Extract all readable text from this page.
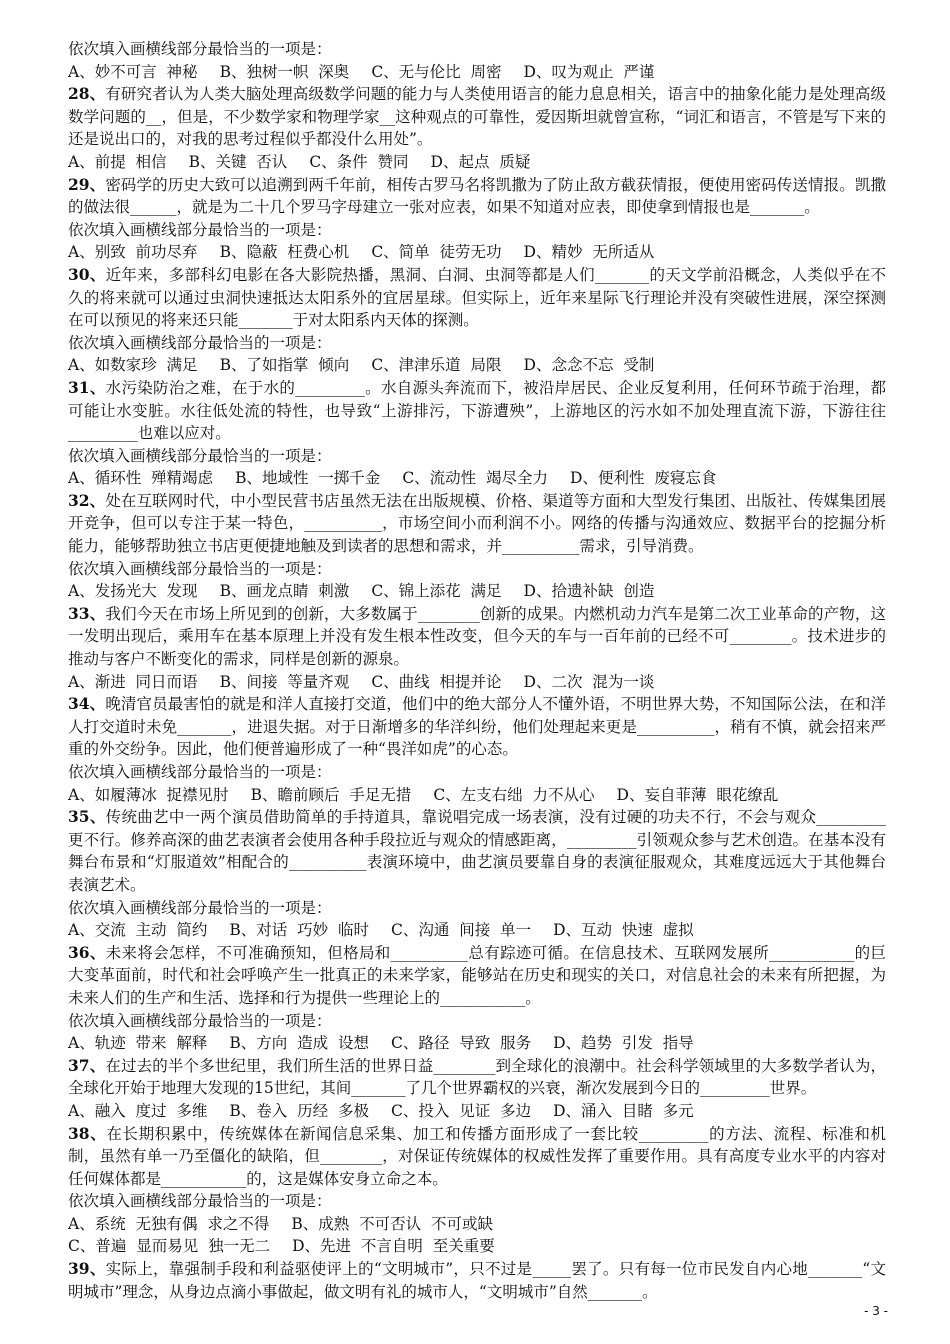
依次填入画横线部分最恰当的一项是：

A、妙不可言  神秘 B、独树一帜  深奥 C、无与伦比  周密 D、叹为观止  严谨

28、有研究者认为人类大脑处理高级数学问题的能力与人类使用语言的能力息息相关，语言中的抽象化能力是处理高级数学问题的__，但是，不少数学家和物理学家__这种观点的可靠性，爱因斯坦就曾宣称，“词汇和语言，不管是写下来的还是说出口的，对我的思考过程似乎都没什么用处”。

A、前提  相信 B、关键  否认 C、条件  赞同 D、起点  质疑

29、密码学的历史大致可以追溯到两千年前，相传古罗马名将凯撒为了防止敌方截获情报，便使用密码传送情报。凯撒的做法很______，就是为二十几个罗马字母建立一张对应表，如果不知道对应表，即使拿到情报也是_______。

依次填入画横线部分最恰当的一项是：

A、别致  前功尽弃 B、隐蔽  枉费心机 C、简单  徒劳无功 D、精妙  无所适从

30、近年来，多部科幻电影在各大影院热播，黑洞、白洞、虫洞等都是人们_______的天文学前沿概念，人类似乎在不久的将来就可以通过虫洞快速抵达太阳系外的宜居星球。但实际上，近年来星际飞行理论并没有突破性进展，深空探测在可以预见的将来还只能_______于对太阳系内天体的探测。

依次填入画横线部分最恰当的一项是：

A、如数家珍  满足 B、了如指掌  倾向 C、津津乐道  局限 D、念念不忘  受制

31、水污染防治之难，在于水的_________。水自源头奔流而下，被沿岸居民、企业反复利用，任何环节疏于治理，都可能让水变脏。水往低处流的特性，也导致“上游排污，下游遭殃”，上游地区的污水如不加处理直流下游，下游往往_________也难以应对。

依次填入画横线部分最恰当的一项是：

A、循环性  殚精竭虑 B、地域性  一掷千金 C、流动性  竭尽全力 D、便利性  废寝忘食

32、处在互联网时代，中小型民营书店虽然无法在出版规模、价格、渠道等方面和大型发行集团、出版社、传媒集团展开竞争，但可以专注于某一特色，__________，市场空间小而利润不小。网络的传播与沟通效应、数据平台的挖掘分析能力，能够帮助独立书店更便捷地触及到读者的思想和需求，并__________需求，引导消费。

依次填入画横线部分最恰当的一项是：

A、发扬光大  发现 B、画龙点睛  刺激 C、锦上添花  满足 D、拾遗补缺  创造

33、我们今天在市场上所见到的创新，大多数属于________创新的成果。内燃机动力汽车是第二次工业革命的产物，这一发明出现后，乘用车在基本原理上并没有发生根本性改变，但今天的车与一百年前的已经不可________。技术进步的推动与客户不断变化的需求，同样是创新的源泉。

A、渐进  同日而语 B、间接  等量齐观 C、曲线  相提并论 D、二次  混为一谈

34、晚清官员最害怕的就是和洋人直接打交道，他们中的绝大部分人不懂外语，不明世界大势，不知国际公法，在和洋人打交道时未免_______，进退失据。对于日渐增多的华洋纠纷，他们处理起来更是__________，稍有不慎，就会招来严重的外交纷争。因此，他们便普遍形成了一种“畏洋如虎”的心态。

依次填入画横线部分最恰当的一项是：

A、如履薄冰  捉襟见肘 B、瞻前顾后  手足无措 C、左支右绌  力不从心 D、妄自菲薄  眼花缭乱

35、传统曲艺中一两个演员借助简单的手持道具，靠说唱完成一场表演，没有过硬的功夫不行，不会与观众_________更不行。修养高深的曲艺表演者会使用各种手段拉近与观众的情感距离，_________引领观众参与艺术创造。在基本没有舞台布景和“灯服道效”相配合的__________表演环境中，曲艺演员要靠自身的表演征服观众，其难度远远大于其他舞台表演艺术。

依次填入画横线部分最恰当的一项是：

A、交流  主动  简约 B、对话  巧妙  临时 C、沟通  间接  单一 D、互动  快速  虚拟

36、未来将会怎样，不可准确预知，但格局和__________总有踪迹可循。在信息技术、互联网发展所___________的巨大变革面前，时代和社会呼唤产生一批真正的未来学家，能够站在历史和现实的关口，对信息社会的未来有所把握，为未来人们的生产和生活、选择和行为提供一些理论上的___________。

依次填入画横线部分最恰当的一项是：

A、轨迹  带来  解释 B、方向  造成  设想 C、路径  导致  服务 D、趋势  引发  指导

37、在过去的半个多世纪里，我们所生活的世界日益________到全球化的浪潮中。社会科学领域里的大多数学者认为，全球化开始于地理大发现的15世纪，其间_______了几个世界霸权的兴衰，渐次发展到今日的_________世界。

A、融入  度过  多维 B、卷入  历经  多极 C、投入  见证  多边 D、涌入  目睹  多元

38、在长期积累中，传统媒体在新闻信息采集、加工和传播方面形成了一套比较_________的方法、流程、标准和机制，虽然有单一乃至僵化的缺陷，但________，对保证传统媒体的权威性发挥了重要作用。具有高度专业水平的内容对任何媒体都是___________的，这是媒体安身立命之本。

依次填入画横线部分最恰当的一项是：

A、系统  无独有偶  求之不得 B、成熟  不可否认  不可或缺
C、普遍  显而易见  独一无二 D、先进  不言自明  至关重要

39、实际上，靠强制手段和利益驱使评上的“文明城市”，只不过是_____罢了。只有每一位市民发自内心地_______“文明城市”理念，从身边点滴小事做起，做文明有礼的城市人，“文明城市”自然_______。

- 3 -
